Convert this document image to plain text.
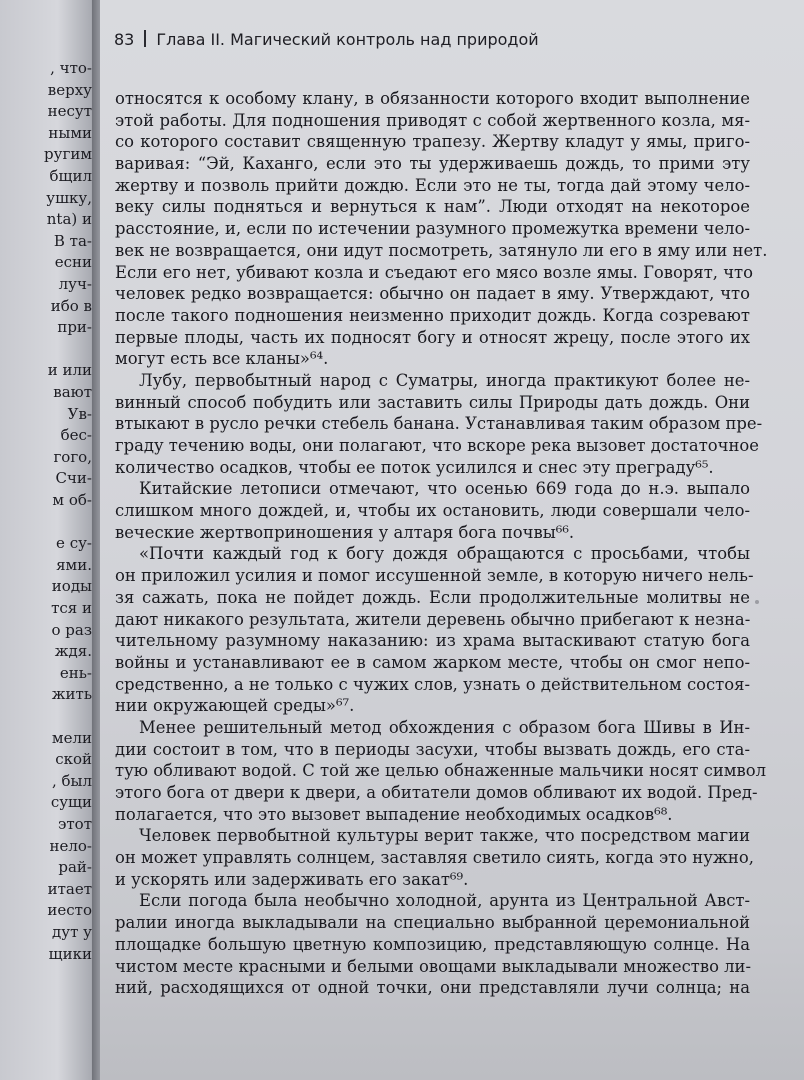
, что-
верху
несут
ными
ругим
бщил
ушку,
nta) и
В та-
есни
луч-
ибо в
при-
и или
вают
Ув-
бес-
гого,
Счи-
м об-
е су-
ями.
иоды
тся и
о раз
ждя.
ень-
жить
мели
ской
, был
сущи
этот
нело-
рай-
итает
иесто
дут у
щики
83 Глава II. Магический контроль над природой
относятся к особому клану, в обязанности которого входит выполнение
этой работы. Для подношения приводят с собой жертвенного козла, мя-
со которого составит священную трапезу. Жертву кладут у ямы, приго-
варивая: “Эй, Каханго, если это ты удерживаешь дождь, то прими эту
жертву и позволь прийти дождю. Если это не ты, тогда дай этому чело-
веку силы подняться и вернуться к нам”. Люди отходят на некоторое
расстояние, и, если по истечении разумного промежутка времени чело-
век не возвращается, они идут посмотреть, затянуло ли его в яму или нет.
Если его нет, убивают козла и съедают его мясо возле ямы. Говорят, что
человек редко возвращается: обычно он падает в яму. Утверждают, что
после такого подношения неизменно приходит дождь. Когда созревают
первые плоды, часть их подносят богу и относят жрецу, после этого их
могут есть все кланы»⁶⁴.
Лубу, первобытный народ с Суматры, иногда практикуют более не-
винный способ побудить или заставить силы Природы дать дождь. Они
втыкают в русло речки стебель банана. Устанавливая таким образом пре-
граду течению воды, они полагают, что вскоре река вызовет достаточное
количество осадков, чтобы ее поток усилился и снес эту преграду⁶⁵.
Китайские летописи отмечают, что осенью 669 года до н.э. выпало
слишком много дождей, и, чтобы их остановить, люди совершали чело-
веческие жертвоприношения у алтаря бога почвы⁶⁶.
«Почти каждый год к богу дождя обращаются с просьбами, чтобы
он приложил усилия и помог иссушенной земле, в которую ничего нель-
зя сажать, пока не пойдет дождь. Если продолжительные молитвы не
дают никакого результата, жители деревень обычно прибегают к незна-
чительному разумному наказанию: из храма вытаскивают статую бога
войны и устанавливают ее в самом жарком месте, чтобы он смог непо-
средственно, а не только с чужих слов, узнать о действительном состоя-
нии окружающей среды»⁶⁷.
Менее решительный метод обхождения с образом бога Шивы в Ин-
дии состоит в том, что в периоды засухи, чтобы вызвать дождь, его ста-
тую обливают водой. С той же целью обнаженные мальчики носят символ
этого бога от двери к двери, а обитатели домов обливают их водой. Пред-
полагается, что это вызовет выпадение необходимых осадков⁶⁸.
Человек первобытной культуры верит также, что посредством магии
он может управлять солнцем, заставляя светило сиять, когда это нужно,
и ускорять или задерживать его закат⁶⁹.
Если погода была необычно холодной, арунта из Центральной Авст-
ралии иногда выкладывали на специально выбранной церемониальной
площадке большую цветную композицию, представляющую солнце. На
чистом месте красными и белыми овощами выкладывали множество ли-
ний, расходящихся от одной точки, они представляли лучи солнца; на
